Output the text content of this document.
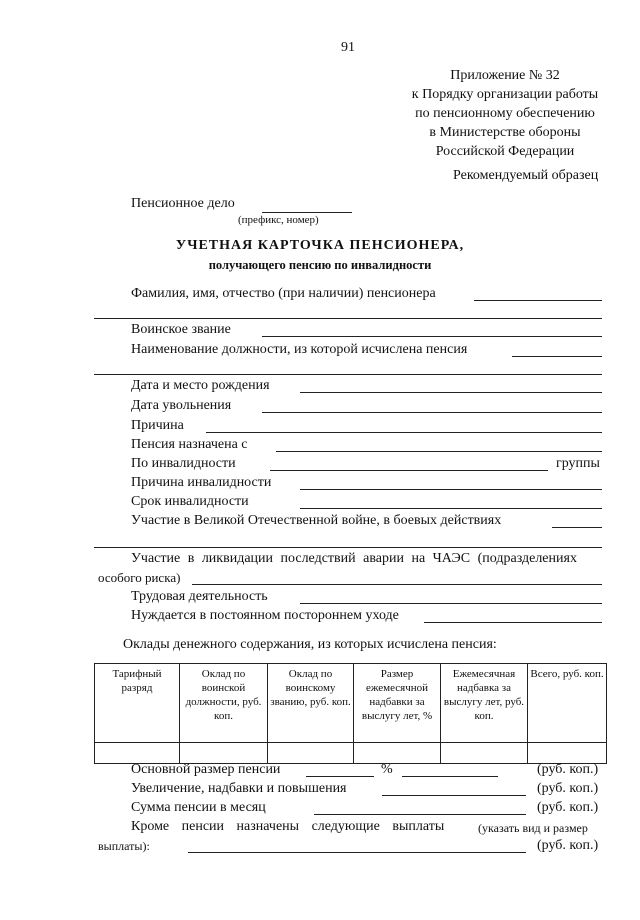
91
Приложение № 32
к Порядку организации работы
по пенсионному обеспечению
в Министерстве обороны
Российской Федерации
Рекомендуемый образец
Пенсионное дело
(префикс, номер)
УЧЕТНАЯ КАРТОЧКА ПЕНСИОНЕРА,
получающего пенсию по инвалидности
Фамилия, имя, отчество (при наличии) пенсионера
Воинское звание
Наименование должности, из которой исчислена пенсия
Дата и место рождения
Дата увольнения
Причина
Пенсия назначена с
По инвалидности	группы
Причина инвалидности
Срок инвалидности
Участие в Великой Отечественной войне, в боевых действиях
Участие в ликвидации последствий аварии на ЧАЭС (подразделениях
особого риска)
Трудовая деятельность
Нуждается в постоянном постороннем уходе
Оклады денежного содержания, из которых исчислена пенсия:
Тарифный разряд	Оклад по воинской должности, руб. коп.	Оклад по воинскому званию, руб. коп.	Размер ежемесячной надбавки за выслугу лет, %	Ежемесячная надбавка за выслугу лет, руб. коп.	Всего, руб. коп.

Основной размер пенсии	%	(руб. коп.)
Увеличение, надбавки и повышения	(руб. коп.)
Сумма пенсии в месяц	(руб. коп.)
Кроме пенсии назначены следующие выплаты	(указать вид и размер
выплаты):	(руб. коп.)
